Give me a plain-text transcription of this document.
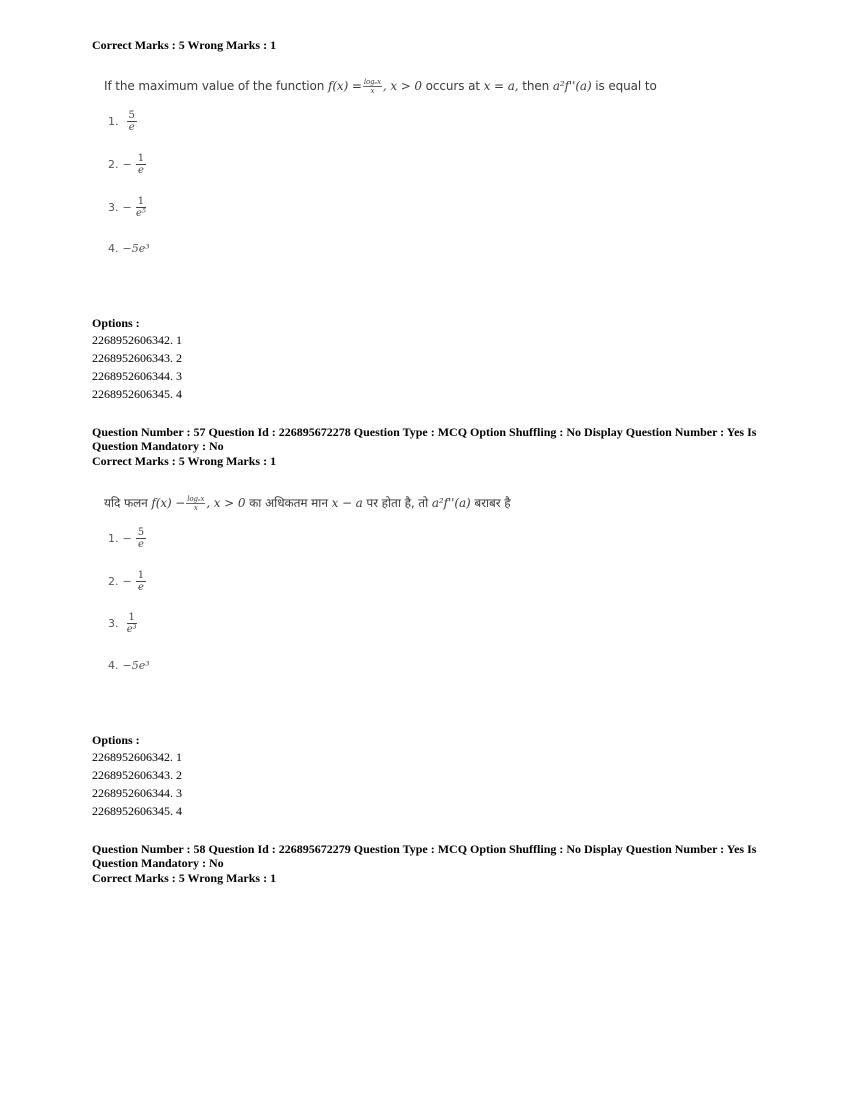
Correct Marks : 5 Wrong Marks : 1
If the maximum value of the function $f(x) = \frac{\text{logₑx}}{x}$ , x > 0 occurs at x = a, then a²f''(a) is equal to
1. $\frac{5}{e}$
2. − $\frac{1}{e}$
3. − $\frac{1}{\text{e⁵}}$
4. −5e³
Options :
2268952606342. 1
2268952606343. 2
2268952606344. 3
2268952606345. 4
Question Number : 57 Question Id : 226895672278 Question Type : MCQ Option Shuffling : No Display Question Number : Yes Is Question Mandatory : No
Correct Marks : 5 Wrong Marks : 1
यदि फलन $f(x) - \frac{\text{logₑx}}{x}$ , x > 0 का अधिकतम मान x − a पर होता है, तो a²f''(a) बराबर है
1. − $\frac{5}{e}$
2. − $\frac{1}{e}$
3. $\frac{1}{\text{e³}}$
4. −5e³
Options :
2268952606342. 1
2268952606343. 2
2268952606344. 3
2268952606345. 4
Question Number : 58 Question Id : 226895672279 Question Type : MCQ Option Shuffling : No Display Question Number : Yes Is Question Mandatory : No
Correct Marks : 5 Wrong Marks : 1
